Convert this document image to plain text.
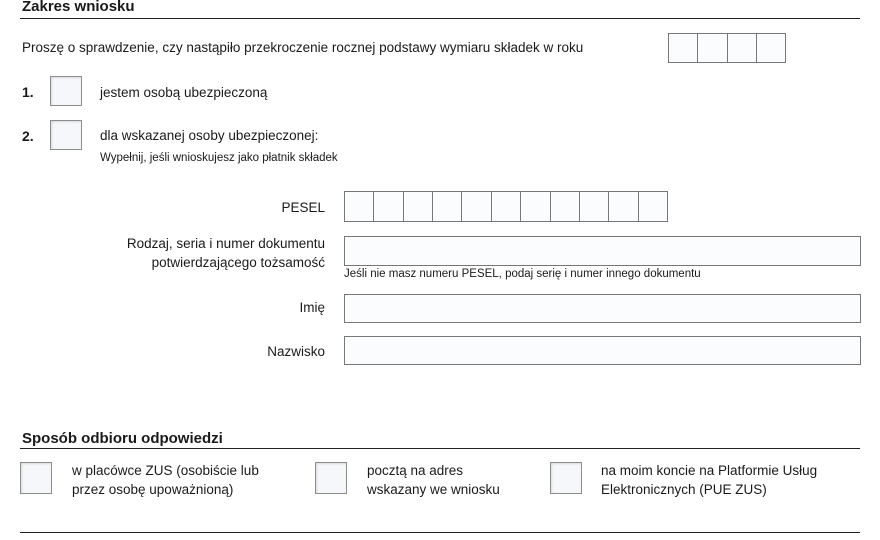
Zakres wniosku
Proszę o sprawdzenie, czy nastąpiło przekroczenie rocznej podstawy wymiaru składek w roku
1.	jestem osobą ubezpieczoną
2.	dla wskazanej osoby ubezpieczonej:
Wypełnij, jeśli wnioskujesz jako płatnik składek
PESEL
Rodzaj, seria i numer dokumentu
potwierdzającego tożsamość
Jeśli nie masz numeru PESEL, podaj serię i numer innego dokumentu
Imię
Nazwisko
Sposób odbioru odpowiedzi
w placówce ZUS (osobiście lub
przez osobę upoważnioną)
pocztą na adres
wskazany we wniosku
na moim koncie na Platformie Usług
Elektronicznych (PUE ZUS)
